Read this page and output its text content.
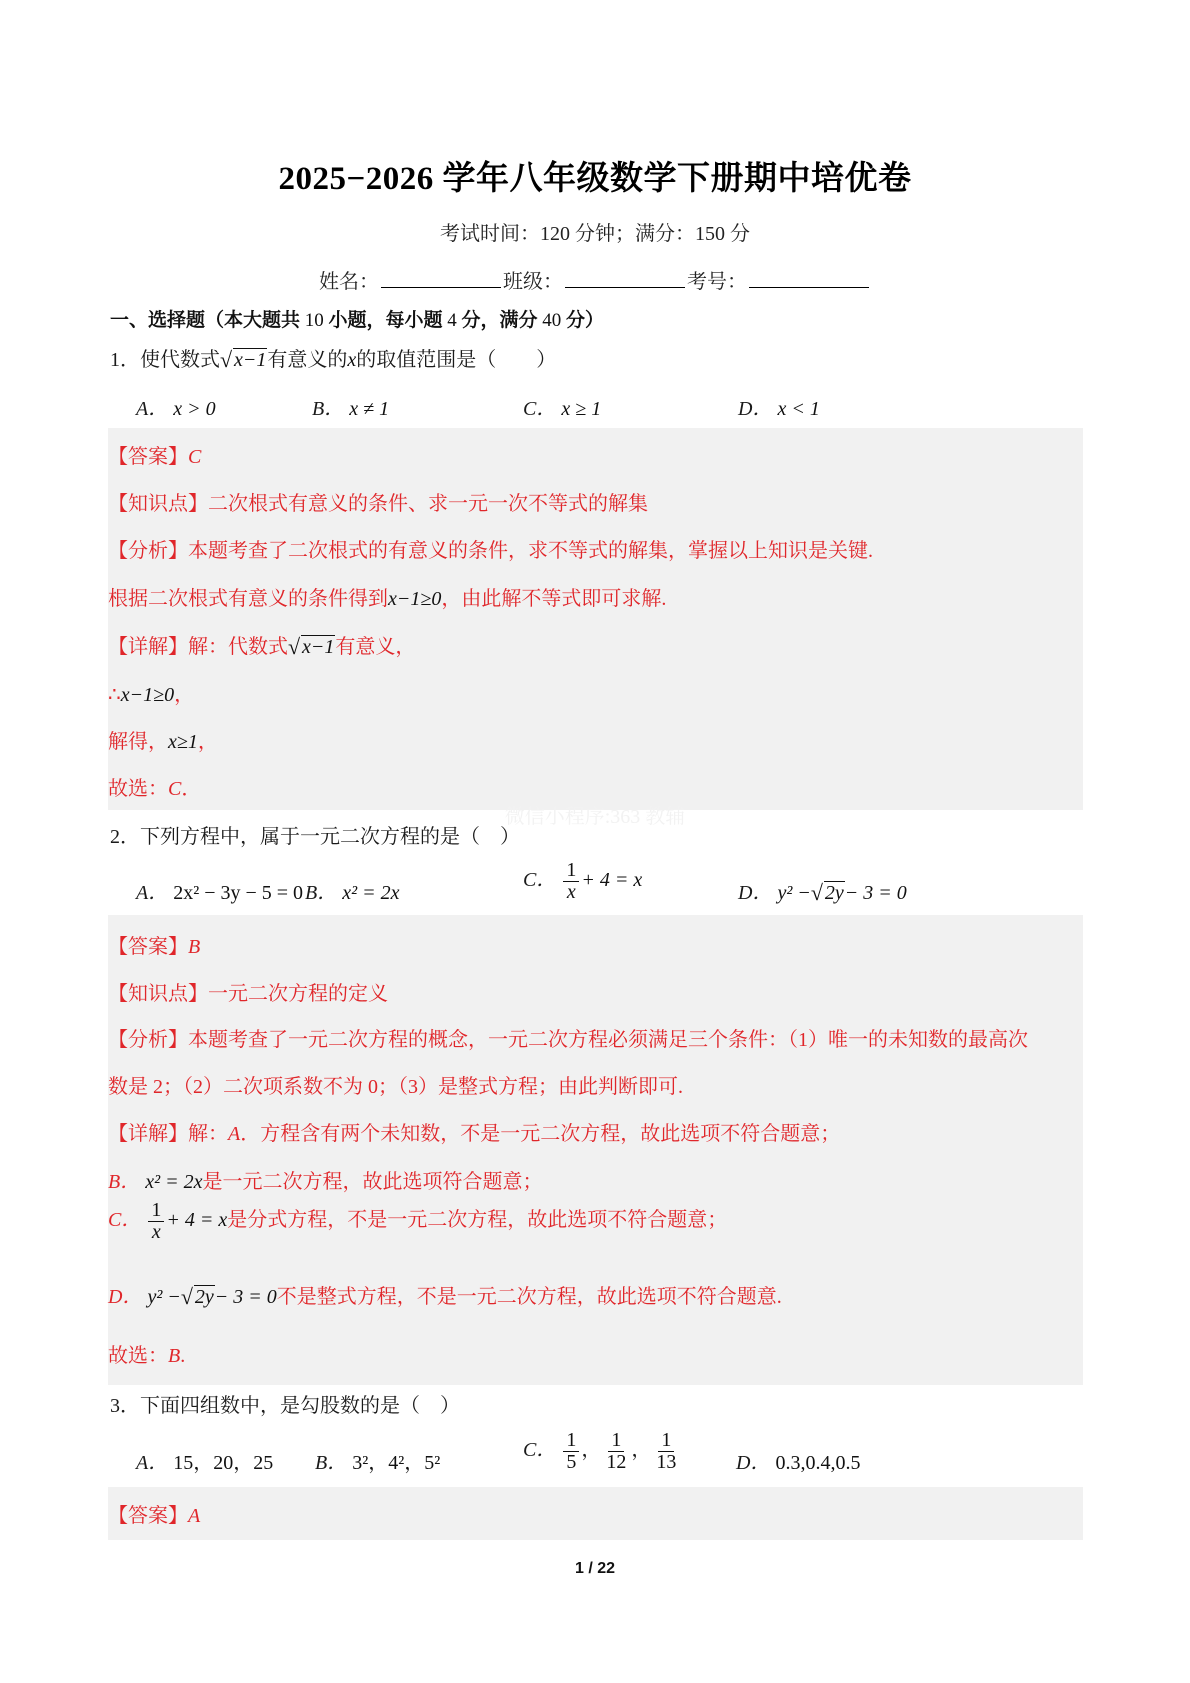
2025−2026 学年八年级数学下册期中培优卷
考试时间：120 分钟；满分：150 分
姓名：	班级：	考号：
一、选择题（本大题共 10 小题，每小题 4 分，满分 40 分）
1．使代数式 √ x−1有意义的x的取值范围是（　　）
A． x > 0	B． x ≠ 1	C． x ≥ 1	D． x < 1
【答案】C
【知识点】二次根式有意义的条件、求一元一次不等式的解集
【分析】本题考查了二次根式的有意义的条件，求不等式的解集，掌握以上知识是关键.
根据二次根式有意义的条件得到x−1≥0，由此解不等式即可求解.
【详解】解：代数式 √ x−1有意义，
∴x−1≥0，
解得，x≥1，
故选：C．
微信小程序:363 教辅
2．下列方程中，属于一元二次方程的是（　）
A． 2x² − 3y − 5 = 0 B． x² = 2x
C． $\frac{1}{x} + 4 = x$
D． y² − √ 2y− 3 = 0
【答案】B
【知识点】一元二次方程的定义
【分析】本题考查了一元二次方程的概念，一元二次方程必须满足三个条件：（1）唯一的未知数的最高次
数是 2；（2）二次项系数不为 0；（3）是整式方程；由此判断即可.
【详解】解：A．方程含有两个未知数，不是一元二次方程，故此选项不符合题意；
B． x² = 2x是一元二次方程，故此选项符合题意；
C． $\frac{1}{x} + 4 = x$是分式方程，不是一元二次方程，故此选项不符合题意；
D． y² − √ 2y− 3 = 0不是整式方程，不是一元二次方程，故此选项不符合题意.
故选：B.
3．下面四组数中，是勾股数的是（　）
A． 15，20，25 B． 3²，4²，5²
C． $\frac{1}{5}$ ， $\frac{1}{12}$ ， $\frac{1}{13}$	D． 0.3,0.4,0.5
【答案】A
1 / 22
